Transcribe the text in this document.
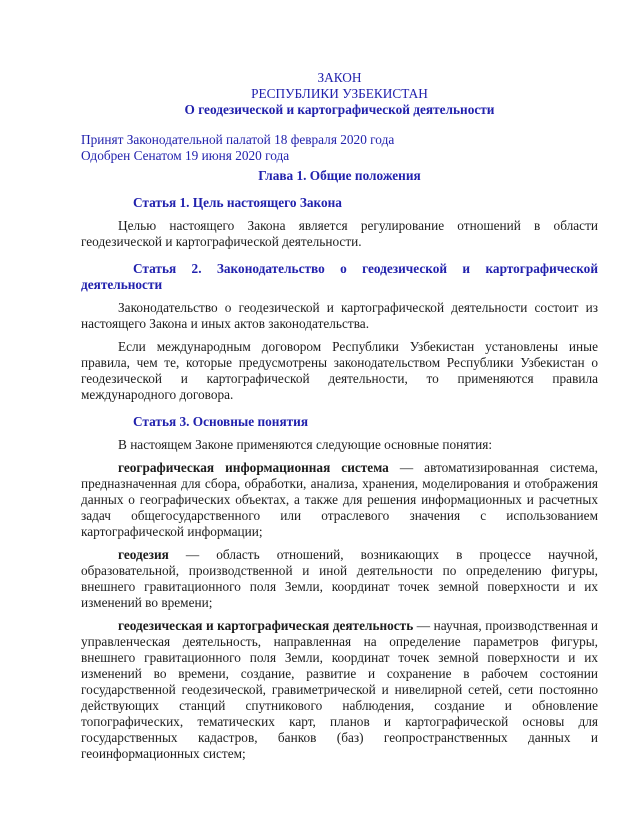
ЗАКОН

РЕСПУБЛИКИ УЗБЕКИСТАН

О геодезической и картографической деятельности

Принят Законодательной палатой 18 февраля 2020 года

Одобрен Сенатом 19 июня 2020 года

Глава 1. Общие положения

Статья 1. Цель настоящего Закона

Целью настоящего Закона является регулирование отношений в области геодезической и картографической деятельности.

Статья 2. Законодательство о геодезической и картографической деятельности

Законодательство о геодезической и картографической деятельности состоит из настоящего Закона и иных актов законодательства.

Если международным договором Республики Узбекистан установлены иные правила, чем те, которые предусмотрены законодательством Республики Узбекистан о геодезической и картографической деятельности, то применяются правила международного договора.

Статья 3. Основные понятия

В настоящем Законе применяются следующие основные понятия:

географическая информационная система — автоматизированная система, предназначенная для сбора, обработки, анализа, хранения, моделирования и отображения данных о географических объектах, а также для решения информационных и расчетных задач общегосударственного или отраслевого значения с использованием картографической информации;

геодезия — область отношений, возникающих в процессе научной, образовательной, производственной и иной деятельности по определению фигуры, внешнего гравитационного поля Земли, координат точек земной поверхности и их изменений во времени;

геодезическая и картографическая деятельность — научная, производственная и управленческая деятельность, направленная на определение параметров фигуры, внешнего гравитационного поля Земли, координат точек земной поверхности и их изменений во времени, создание, развитие и сохранение в рабочем состоянии государственной геодезической, гравиметрической и нивелирной сетей, сети постоянно действующих станций спутникового наблюдения, создание и обновление топографических, тематических карт, планов и картографической основы для государственных кадастров, банков (баз) геопространственных данных и геоинформационных систем;
